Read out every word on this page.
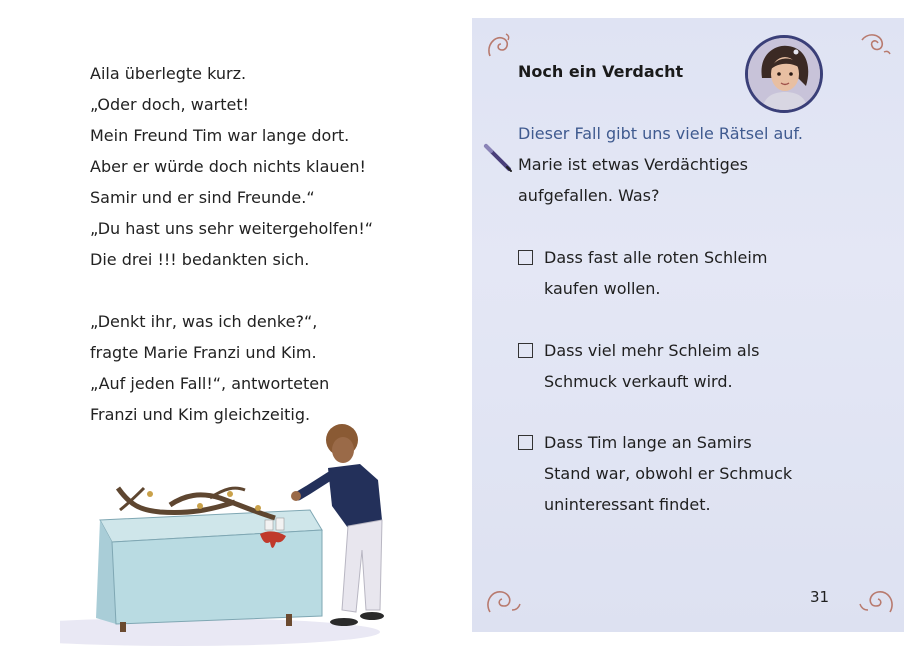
Aila überlegte kurz.
„Oder doch, wartet!
Mein Freund Tim war lange dort.
Aber er würde doch nichts klauen!
Samir und er sind Freunde.“
„Du hast uns sehr weitergeholfen!“
Die drei !!! bedankten sich.
„Denkt ihr, was ich denke?“,
fragte Marie Franzi und Kim.
„Auf jeden Fall!“, antworteten
Franzi und Kim gleichzeitig.
Noch ein Verdacht
Dieser Fall gibt uns viele Rätsel auf.
Marie ist etwas Verdächtiges
aufgefallen. Was?
Dass fast alle roten Schleim
kaufen wollen.
Dass viel mehr Schleim als
Schmuck verkauft wird.
Dass Tim lange an Samirs
Stand war, obwohl er Schmuck
uninteressant findet.
31
